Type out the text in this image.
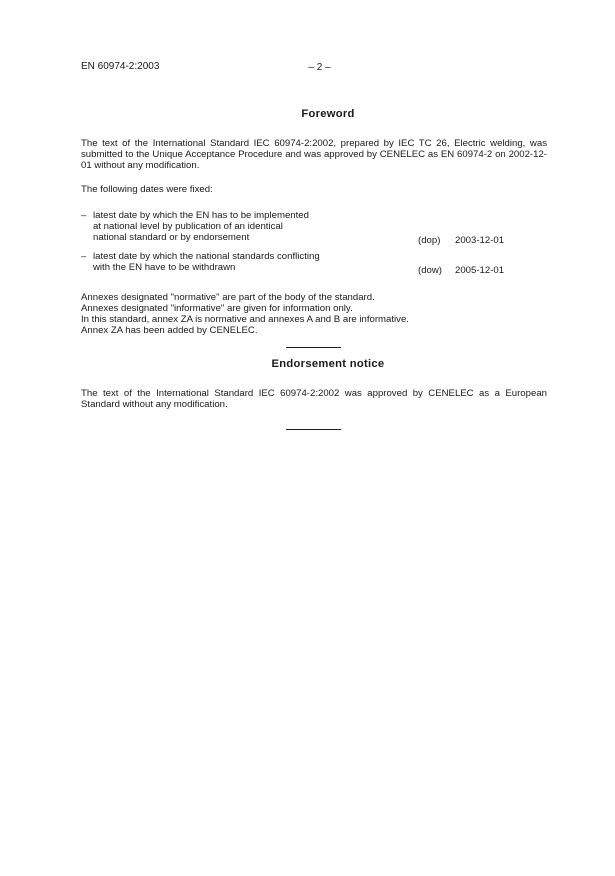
EN 60974-2:2003	– 2 –
Foreword
The text of the International Standard IEC 60974-2:2002, prepared by IEC TC 26, Electric welding, was submitted to the Unique Acceptance Procedure and was approved by CENELEC as EN 60974-2 on 2002-12-01 without any modification.
The following dates were fixed:
– latest date by which the EN has to be implemented
at national level by publication of an identical
national standard or by endorsement	(dop) 2003-12-01
– latest date by which the national standards conflicting
with the EN have to be withdrawn	(dow) 2005-12-01
Annexes designated "normative" are part of the body of the standard.
Annexes designated "informative" are given for information only.
In this standard, annex ZA is normative and annexes A and B are informative.
Annex ZA has been added by CENELEC.
Endorsement notice
The text of the International Standard IEC 60974-2:2002 was approved by CENELEC as a European Standard without any modification.
